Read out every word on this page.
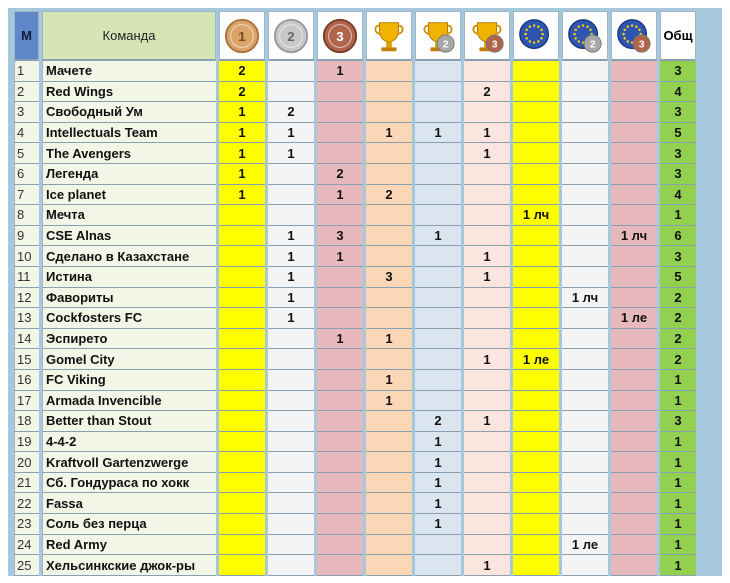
М	Команда	1	2	3		2	3		2	3	Общ
1	Мачете	2		1							3
2	Red Wings	2					2				4
3	Свободный Ум	1	2								3
4	Intellectuals Team	1	1		1	1	1				5
5	The Avengers	1	1				1				3
6	Легенда	1		2							3
7	Ice planet	1		1	2						4
8	Мечта							1 лч			1
9	CSE Alnas		1	3		1				1 лч	6
10	Сделано в Казахстане		1	1			1				3
11	Истина		1		3		1				5
12	Фавориты		1						1 лч		2
13	Cockfosters FC		1							1 ле	2
14	Эспирето			1	1						2
15	Gomel City						1	1 ле			2
16	FC Viking				1						1
17	Armada Invencible				1						1
18	Better than Stout					2	1				3
19	4-4-2					1					1
20	Kraftvoll Gartenzwerge					1					1
21	Сб. Гондураса по хокк					1					1
22	Fassa					1					1
23	Соль без перца					1					1
24	Red Army								1 ле		1
25	Хельсинкские джок-ры						1				1
